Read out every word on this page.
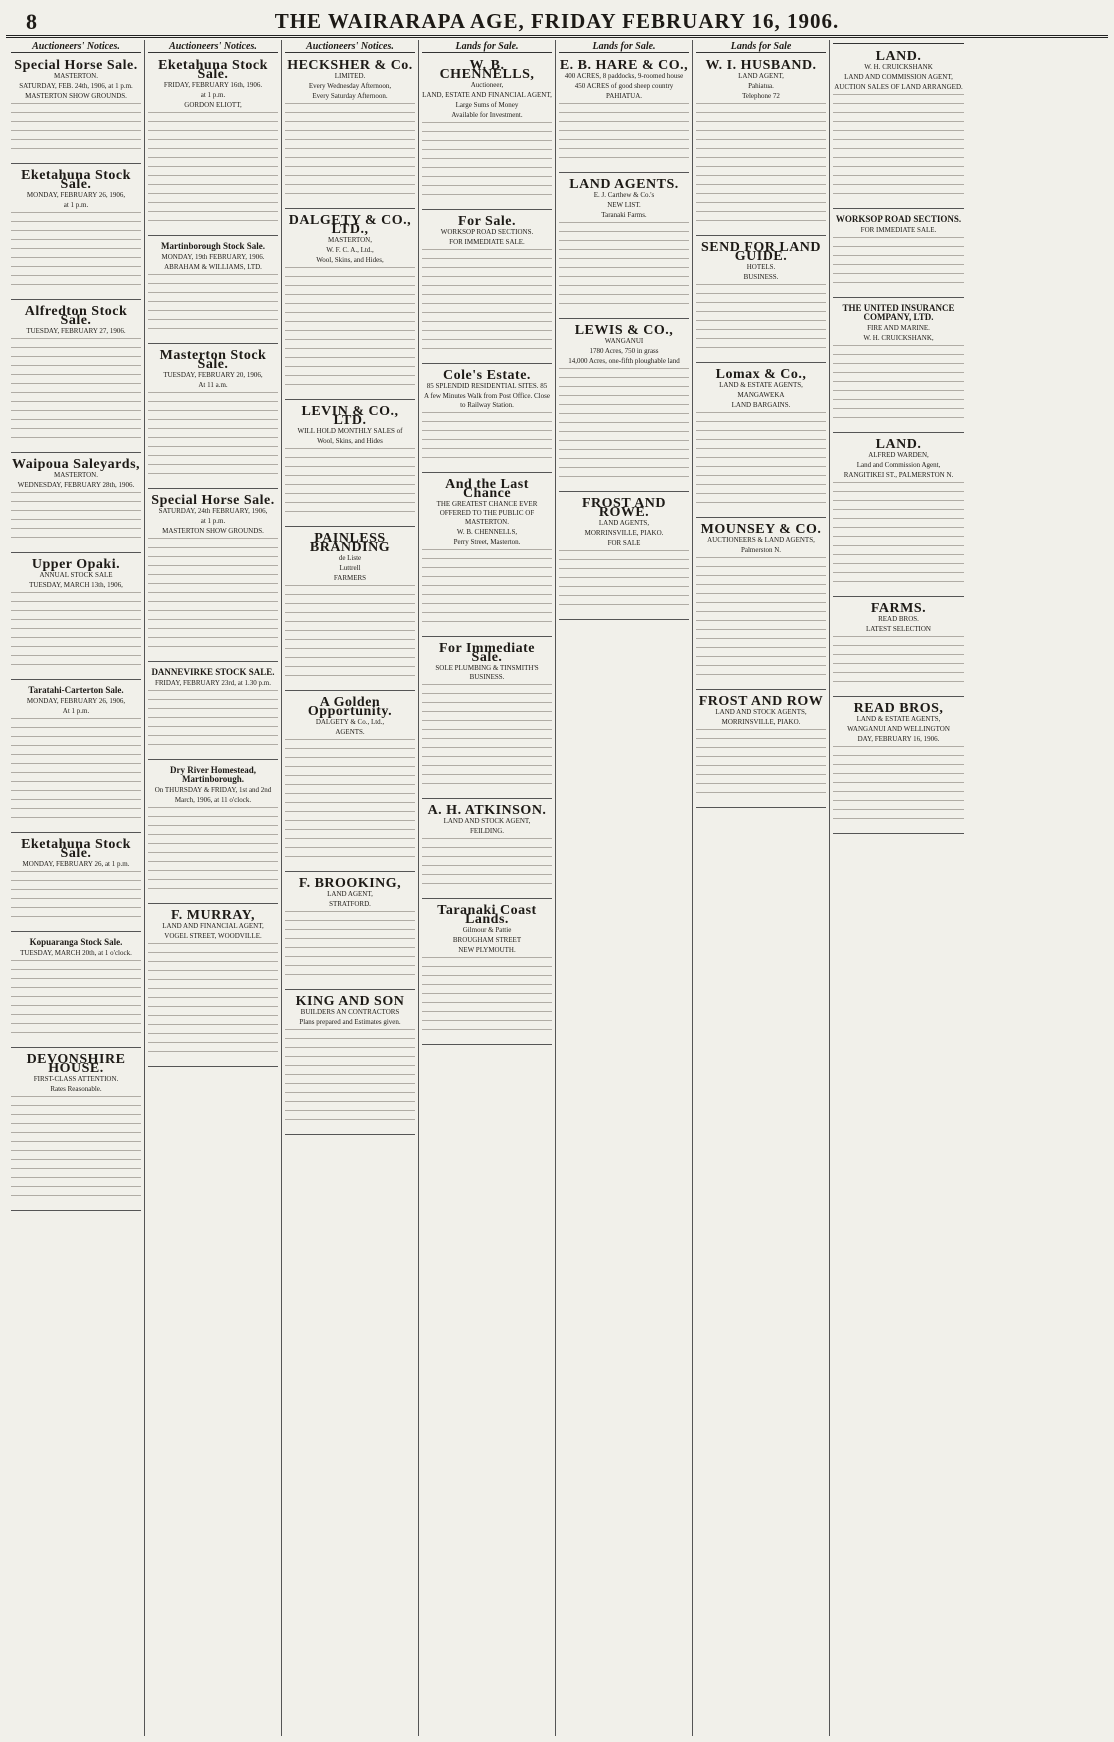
8	THE WAIRARAPA AGE, FRIDAY FEBRUARY 16, 1906.
Auctioneers' Notices.
Special Horse Sale.
MASTERTON.
SATURDAY, FEB. 24th, 1906, at 1 p.m.
MASTERTON SHOW GROUNDS.
Eketahuna Stock Sale.
MONDAY, FEBRUARY 26, 1906,
at 1 p.m.
Alfredton Stock Sale.
TUESDAY, FEBRUARY 27, 1906.
Waipoua Saleyards,
MASTERTON.
WEDNESDAY, FEBRUARY 28th, 1906.
Upper Opaki.
ANNUAL STOCK SALE
TUESDAY, MARCH 13th, 1906,
Taratahi-Carterton Sale.
MONDAY, FEBRUARY 26, 1906,
At 1 p.m.
Eketahuna Stock Sale.
MONDAY, FEBRUARY 26, at 1 p.m.
Kopuaranga Stock Sale.
TUESDAY, MARCH 20th, at 1 o'clock.
DEVONSHIRE HOUSE.
FIRST-CLASS ATTENTION.
Rates Reasonable.
Auctioneers' Notices.
Eketahuna Stock Sale.
FRIDAY, FEBRUARY 16th, 1906.
at 1 p.m.
GORDON ELIOTT,
Martinborough Stock Sale.
MONDAY, 19th FEBRUARY, 1906.
ABRAHAM & WILLIAMS, LTD.
Masterton Stock Sale.
TUESDAY, FEBRUARY 20, 1906,
At 11 a.m.
Special Horse Sale.
SATURDAY, 24th FEBRUARY, 1906,
at 1 p.m.
MASTERTON SHOW GROUNDS.
DANNEVIRKE STOCK SALE.
FRIDAY, FEBRUARY 23rd, at 1.30 p.m.
Dry River Homestead, Martinborough.
On THURSDAY & FRIDAY, 1st and 2nd
March, 1906, at 11 o'clock.
F. MURRAY,
LAND AND FINANCIAL AGENT,
VOGEL STREET, WOODVILLE.
Auctioneers' Notices.
HECKSHER & Co.
LIMITED.
Every Wednesday Afternoon,
Every Saturday Afternoon.
DALGETY & CO., LTD.,
MASTERTON,
W. F. C. A., Ltd.,
Wool, Skins, and Hides,
LEVIN & CO., LTD.
WILL HOLD MONTHLY SALES of
Wool, Skins, and Hides
PAINLESS BRANDING
de Liste
Luttrell
FARMERS
A Golden Opportunity.
DALGETY & Co., Ltd.,
AGENTS.
F. BROOKING,
LAND AGENT,
STRATFORD.
KING AND SON
BUILDERS AN CONTRACTORS
Plans prepared and Estimates given.
Lands for Sale.
W. B. CHENNELLS,
Auctioneer,
LAND, ESTATE AND FINANCIAL AGENT,
Large Sums of Money
Available for Investment.
For Sale.
WORKSOP ROAD SECTIONS.
FOR IMMEDIATE SALE.
Cole's Estate.
85 SPLENDID RESIDENTIAL SITES. 85
A few Minutes Walk from Post Office. Close to Railway Station.
And the Last Chance
THE GREATEST CHANCE EVER OFFERED TO THE PUBLIC OF MASTERTON.
W. B. CHENNELLS,
Perry Street, Masterton.
For Immediate Sale.
SOLE PLUMBING & TINSMITH'S BUSINESS.
A. H. ATKINSON.
LAND AND STOCK AGENT,
FEILDING.
Taranaki Coast Lands.
Gilmour & Pattie
BROUGHAM STREET
NEW PLYMOUTH.
Lands for Sale.
E. B. HARE & CO.,
400 ACRES, 8 paddocks, 9-roomed house
450 ACRES of good sheep country
PAHIATUA.
LAND AGENTS.
E. J. Carthew & Co.'s
NEW LIST.
Taranaki Farms.
LEWIS & CO.,
WANGANUI
1780 Acres, 750 in grass
14,000 Acres, one-fifth ploughable land
FROST AND ROWE.
LAND AGENTS,
MORRINSVILLE, PIAKO.
FOR SALE
Lands for Sale
W. I. HUSBAND.
LAND AGENT,
Pahiatua.
Telephone 72
SEND FOR LAND GUIDE.
HOTELS.
BUSINESS.
Lomax & Co.,
LAND & ESTATE AGENTS,
MANGAWEKA
LAND BARGAINS.
MOUNSEY & CO.
AUCTIONEERS & LAND AGENTS,
Palmerston N.
FROST AND ROW
LAND AND STOCK AGENTS,
MORRINSVILLE, PIAKO.
LAND.
W. H. CRUICKSHANK
LAND AND COMMISSION AGENT,
AUCTION SALES OF LAND ARRANGED.
WORKSOP ROAD SECTIONS.
FOR IMMEDIATE SALE.
THE UNITED INSURANCE COMPANY, LTD.
FIRE AND MARINE.
W. H. CRUICKSHANK,
LAND.
ALFRED WARDEN,
Land and Commission Agent,
RANGITIKEI ST., PALMERSTON N.
FARMS.
READ BROS.
LATEST SELECTION
READ BROS,
LAND & ESTATE AGENTS,
WANGANUI AND WELLINGTON
DAY, FEBRUARY 16, 1906.
